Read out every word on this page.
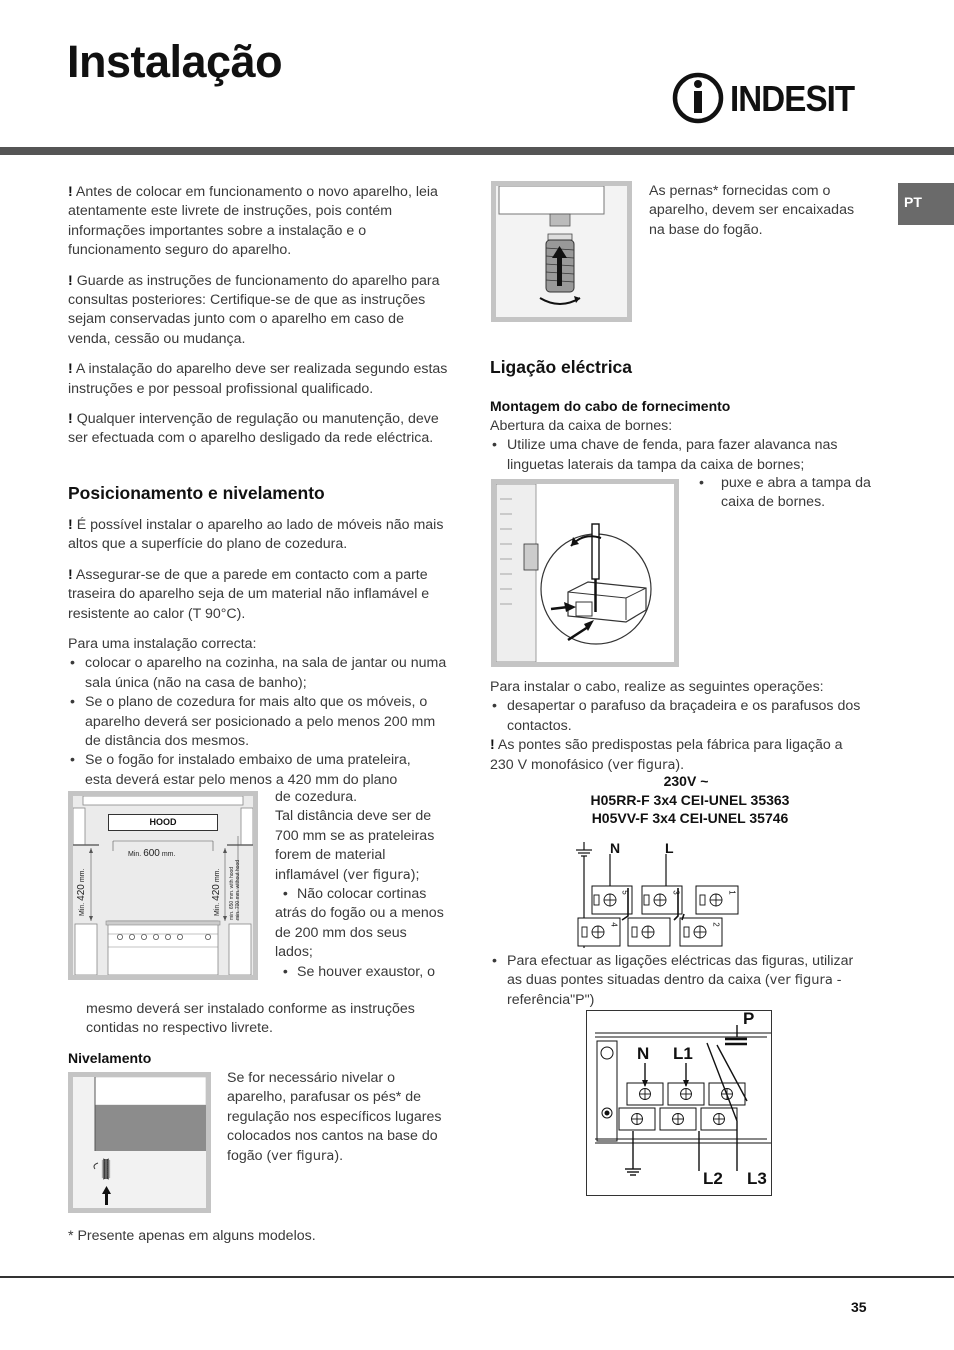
Instalação
INDESIT
PT

! Antes de colocar em funcionamento o novo aparelho, leia atentamente este livrete de instruções, pois contém informações importantes sobre a instalação e o funcionamento seguro do aparelho.

! Guarde as instruções de funcionamento do aparelho para consultas posteriores: Certifique-se de que as instruções sejam conservadas junto com o aparelho em caso de venda, cessão ou mudança.

! A instalação do aparelho deve ser realizada segundo estas instruções e por pessoal profissional qualificado.

! Qualquer intervenção de regulação ou manutenção, deve ser efectuada com o aparelho desligado da rede eléctrica.

Posicionamento e nivelamento

! É possível instalar o aparelho ao lado de móveis não mais altos que a superfície do plano de cozedura.

! Assegurar-se de que a parede em contacto com a parte traseira do aparelho seja de um material não inflamável e resistente ao calor (T 90°C).

Para uma instalação correcta:

• colocar o aparelho na cozinha, na sala de jantar ou numa sala única (não na casa de banho);
• Se o plano de cozedura for mais alto que os móveis, o aparelho deverá ser posicionado a pelo menos 200 mm de distância dos mesmos.
• Se o fogão for instalado embaixo de uma prateleira,
esta deverá estar pelo menos a 420 mm do plano
HOOD
Min. 600 mm.
Min. 420 mm.
Min. 420 mm. min. 650 mm. with hood min. 700 mm. without hood

de cozedura.

Tal distância deve ser de 700 mm se as prateleiras forem de material inflamável (ver figura);

• Não colocar cortinas atrás do fogão ou a menos de 200 mm dos seus lados;

• Se houver exaustor, o

mesmo deverá ser instalado conforme as instruções contidas no respectivo livrete.
Nivelamento
Se for necessário nivelar o aparelho, parafusar os pés* de regulação nos específicos lugares colocados nos cantos na base do fogão (ver figura).
* Presente apenas em alguns modelos.
As pernas* fornecidas com o aparelho, devem ser encaixadas na base do fogão.
Ligação eléctrica
Montagem do cabo de fornecimento

Abertura da caixa de bornes:

• Utilize uma chave de fenda, para fazer alavanca nas linguetas laterais da tampa da caixa de bornes;
• puxe e abra a tampa da caixa de bornes.

Para instalar o cabo, realize as seguintes operações:

• desapertar o parafuso da braçadeira e os parafusos dos contactos.

! As pontes são predispostas pela fábrica para ligação a 230 V monofásico (ver figura).

230V ~
H05RR-F 3x4 CEI-UNEL 35363
H05VV-F 3x4 CEI-UNEL 35746
N	L
5	3	1
4	2
• Para efectuar as ligações eléctricas das figuras, utilizar as duas pontes situadas dentro da caixa (ver figura - referência"P")
P
N L1
L2 L3
35
